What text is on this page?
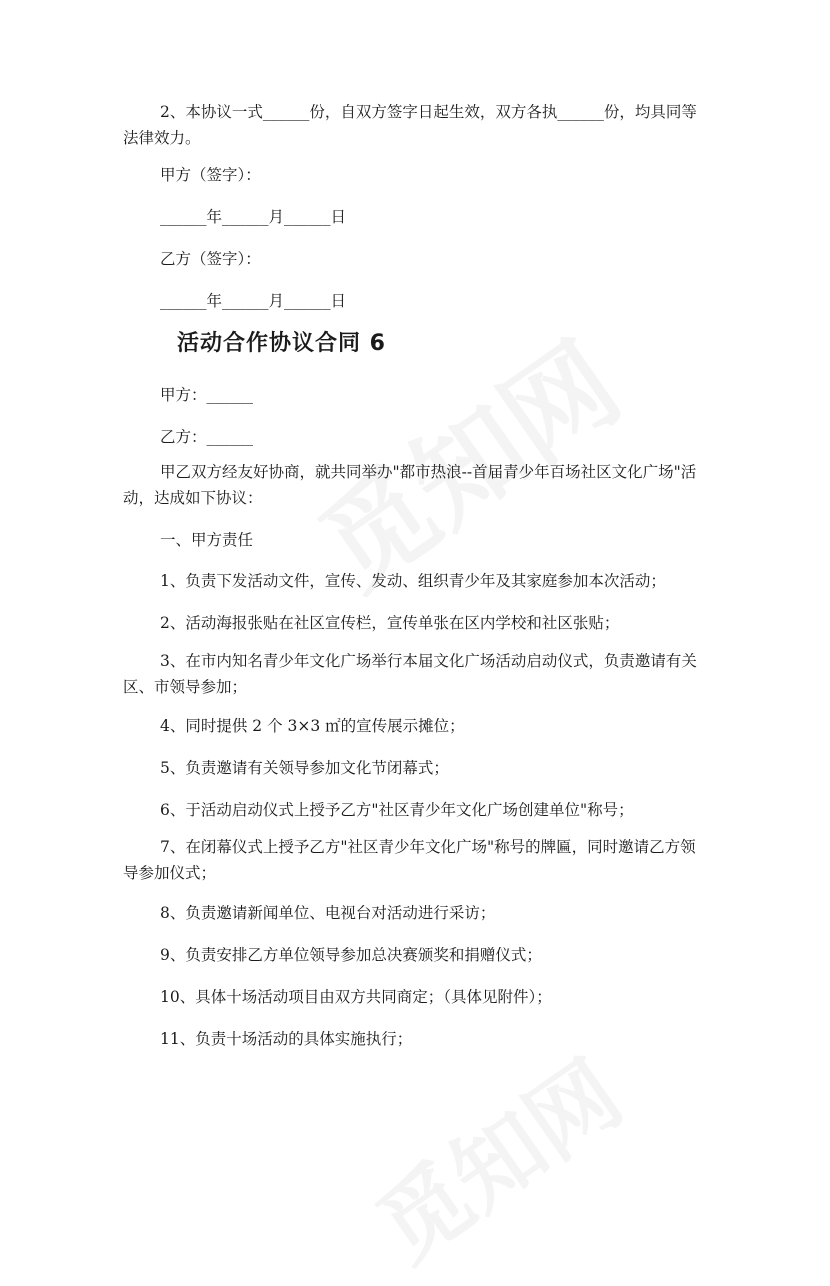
2、本协议一式______份，自双方签字日起生效，双方各执______份，均具同等法律效力。

甲方（签字）：

______年______月______日

乙方（签字）：

______年______月______日

活动合作协议合同 6

甲方：______

乙方：______

甲乙双方经友好协商，就共同举办"都市热浪--首届青少年百场社区文化广场"活动，达成如下协议：

一、甲方责任

1、负责下发活动文件，宣传、发动、组织青少年及其家庭参加本次活动；

2、活动海报张贴在社区宣传栏，宣传单张在区内学校和社区张贴；

3、在市内知名青少年文化广场举行本届文化广场活动启动仪式，负责邀请有关区、市领导参加；

4、同时提供 2 个 3×3 ㎡的宣传展示摊位；

5、负责邀请有关领导参加文化节闭幕式；

6、于活动启动仪式上授予乙方"社区青少年文化广场创建单位"称号；

7、在闭幕仪式上授予乙方"社区青少年文化广场"称号的牌匾，同时邀请乙方领导参加仪式；

8、负责邀请新闻单位、电视台对活动进行采访；

9、负责安排乙方单位领导参加总决赛颁奖和捐赠仪式；

10、具体十场活动项目由双方共同商定；（具体见附件）；

11、负责十场活动的具体实施执行；
